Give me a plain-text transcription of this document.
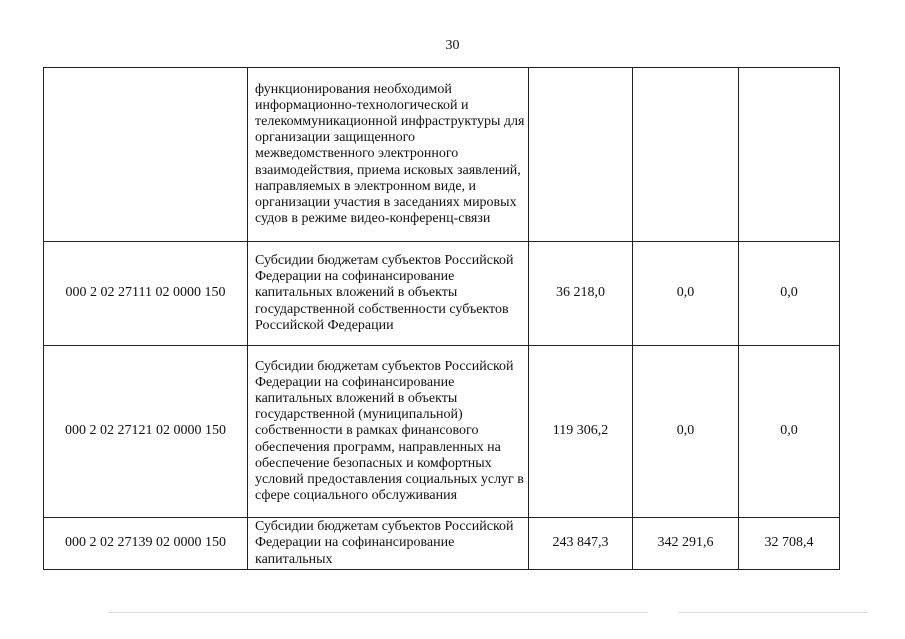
30
	функционирования необходимой информационно-технологической и телекоммуникационной инфраструктуры для организации защищенного межведомственного электронного взаимодействия, приема исковых заявлений, направляемых в электронном виде, и организации участия в заседаниях мировых судов в режиме видео-конференц-связи			
000 2 02 27111 02 0000 150	Субсидии бюджетам субъектов Российской Федерации на софинансирование капитальных вложений в объекты государственной собственности субъектов Российской Федерации	36 218,0	0,0	0,0
000 2 02 27121 02 0000 150	Субсидии бюджетам субъектов Российской Федерации на софинансирование капитальных вложений в объекты государственной (муниципальной) собственности в рамках финансового обеспечения программ, направленных на обеспечение безопасных и комфортных условий предоставления социальных услуг в сфере социального обслуживания	119 306,2	0,0	0,0
000 2 02 27139 02 0000 150	Субсидии бюджетам субъектов Российской Федерации на софинансирование капитальных	243 847,3	342 291,6	32 708,4
